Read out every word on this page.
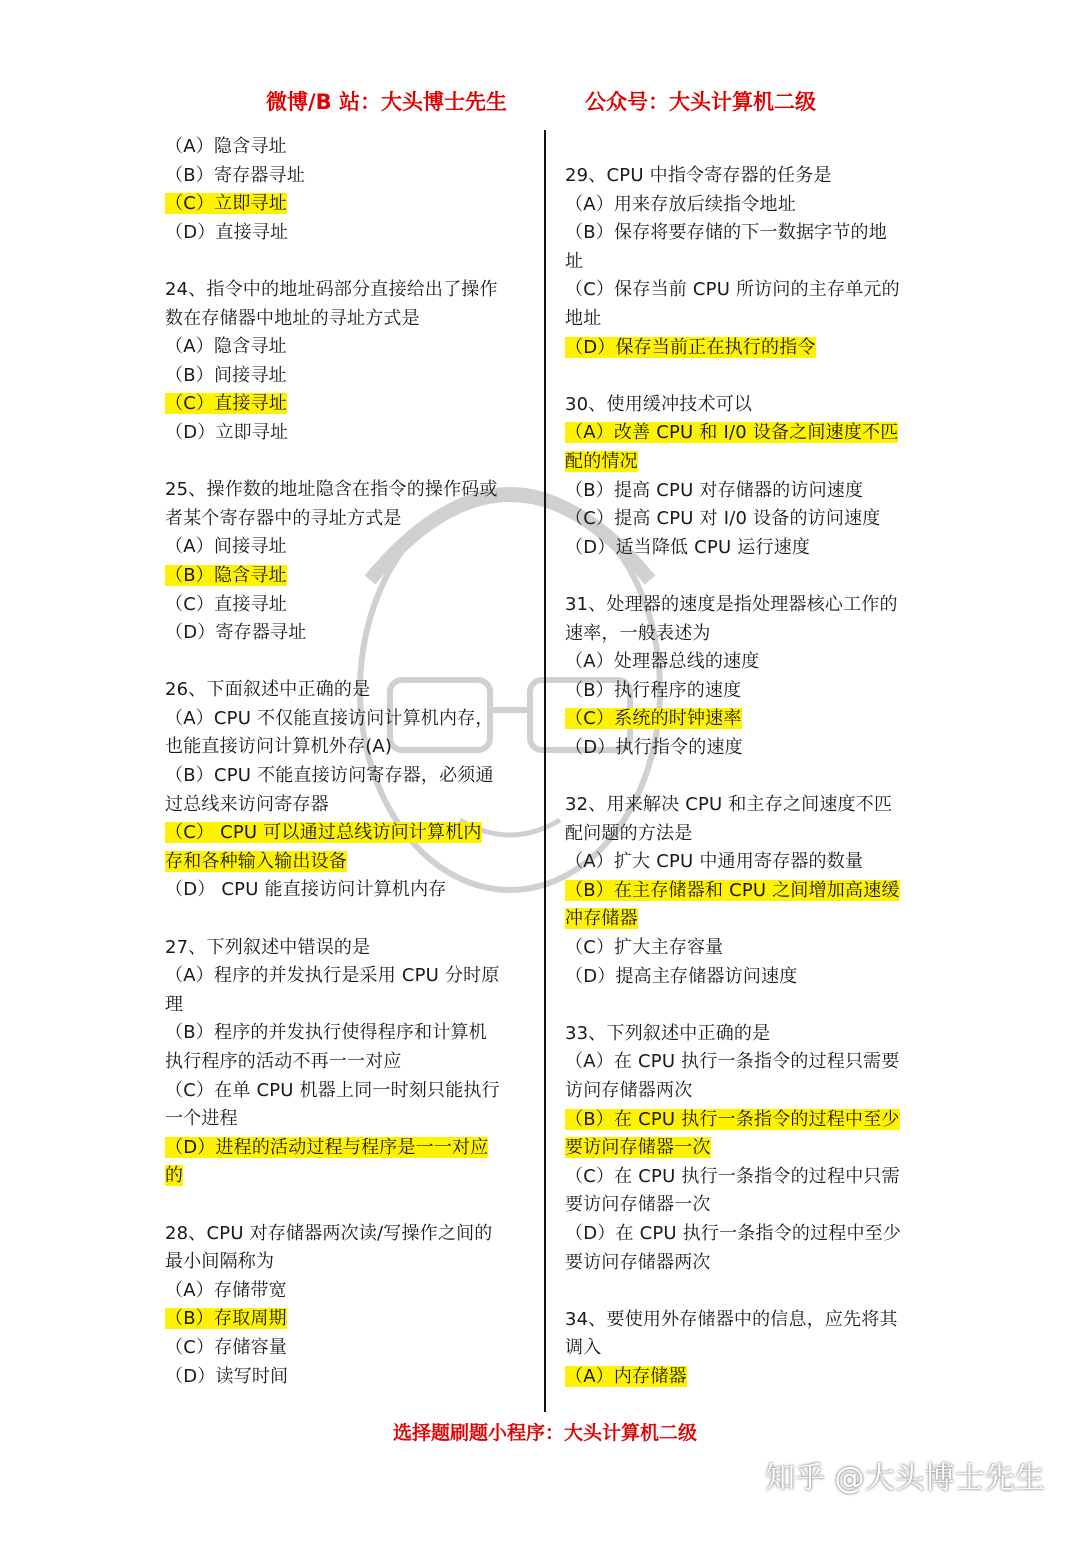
微博/B 站：大头博士先生	公众号：大头计算机二级
（A）隐含寻址
（B）寄存器寻址
（C）立即寻址
（D）直接寻址
24、指令中的地址码部分直接给出了操作
数在存储器中地址的寻址方式是
（A）隐含寻址
（B）间接寻址
（C）直接寻址
（D）立即寻址
25、操作数的地址隐含在指令的操作码或
者某个寄存器中的寻址方式是
（A）间接寻址
（B）隐含寻址
（C）直接寻址
（D）寄存器寻址
26、下面叙述中正确的是
（A）CPU 不仅能直接访问计算机内存，
也能直接访问计算机外存(A)
（B）CPU 不能直接访问寄存器，必须通
过总线来访问寄存器
（C） CPU 可以通过总线访问计算机内
存和各种输入输出设备
（D） CPU 能直接访问计算机内存
27、下列叙述中错误的是
（A）程序的并发执行是采用 CPU 分时原
理
（B）程序的并发执行使得程序和计算机
执行程序的活动不再一一对应
（C）在单 CPU 机器上同一时刻只能执行
一个进程
（D）进程的活动过程与程序是一一对应
的
28、CPU 对存储器两次读/写操作之间的
最小间隔称为
（A）存储带宽
（B）存取周期
（C）存储容量
（D）读写时间
29、CPU 中指令寄存器的任务是
（A）用来存放后续指令地址
（B）保存将要存储的下一数据字节的地
址
（C）保存当前 CPU 所访问的主存单元的
地址
（D）保存当前正在执行的指令
30、使用缓冲技术可以
（A）改善 CPU 和 I/0 设备之间速度不匹
配的情况
（B）提高 CPU 对存储器的访问速度
（C）提高 CPU 对 I/0 设备的访问速度
（D）适当降低 CPU 运行速度
31、处理器的速度是指处理器核心工作的
速率，一般表述为
（A）处理器总线的速度
（B）执行程序的速度
（C）系统的时钟速率
（D）执行指令的速度
32、用来解决 CPU 和主存之间速度不匹
配问题的方法是
（A）扩大 CPU 中通用寄存器的数量
（B）在主存储器和 CPU 之间增加高速缓
冲存储器
（C）扩大主存容量
（D）提高主存储器访问速度
33、下列叙述中正确的是
（A）在 CPU 执行一条指令的过程只需要
访问存储器两次
（B）在 CPU 执行一条指令的过程中至少
要访问存储器一次
（C）在 CPU 执行一条指令的过程中只需
要访问存储器一次
（D）在 CPU 执行一条指令的过程中至少
要访问存储器两次
34、要使用外存储器中的信息，应先将其
调入
（A）内存储器
选择题刷题小程序：大头计算机二级
知乎 @大头博士先生
